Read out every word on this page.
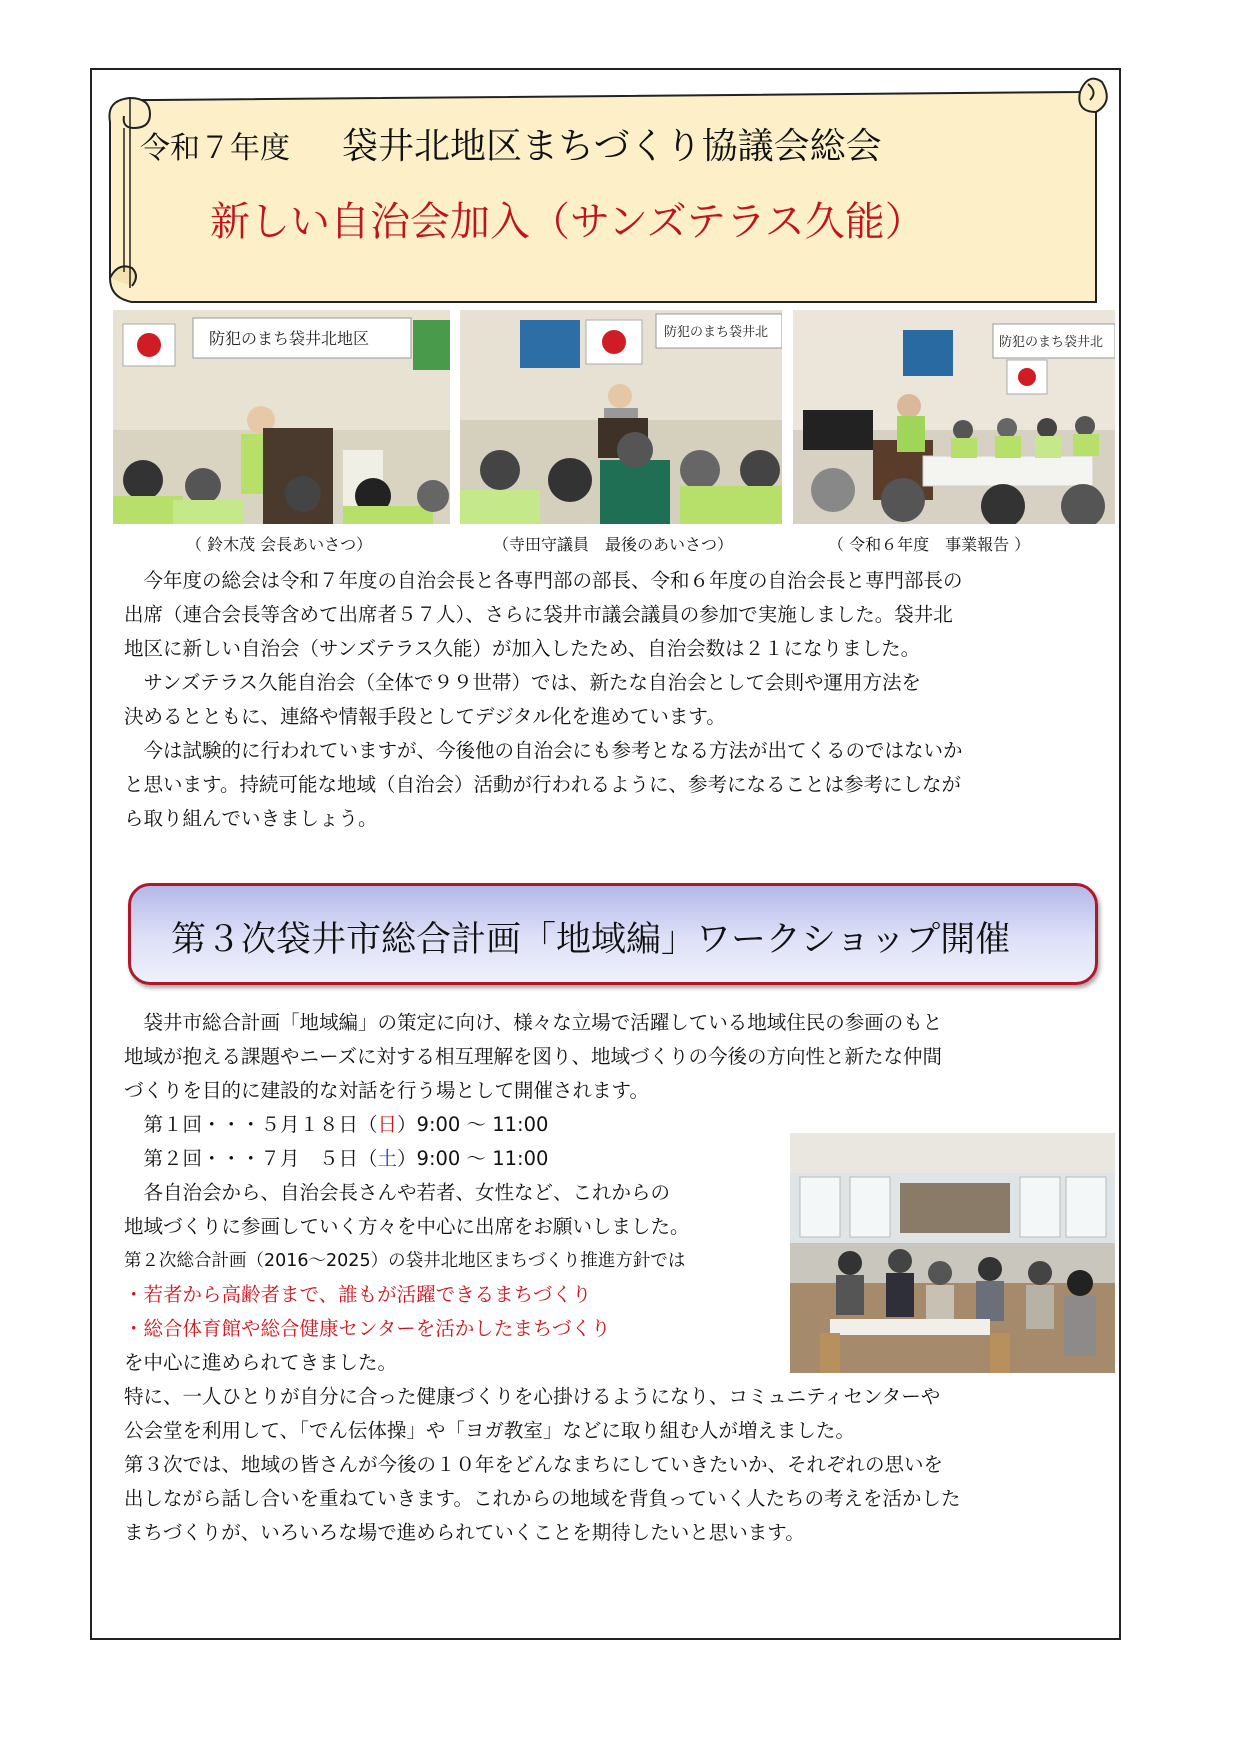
令和７年度 袋井北地区まちづくり協議会総会
新しい自治会加入（サンズテラス久能）
防犯のまち袋井北地区	防犯のまち袋井北
防犯のまち袋井北
（ 鈴木茂 会長あいさつ）	（寺田守議員　最後のあいさつ）	（ 令和６年度　事業報告 ）

　今年度の総会は令和７年度の自治会長と各専門部の部長、令和６年度の自治会長と専門部長の

出席（連合会長等含めて出席者５７人）、さらに袋井市議会議員の参加で実施しました。袋井北

地区に新しい自治会（サンズテラス久能）が加入したため、自治会数は２１になりました。

　サンズテラス久能自治会（全体で９９世帯）では、新たな自治会として会則や運用方法を

決めるとともに、連絡や情報手段としてデジタル化を進めています。

　今は試験的に行われていますが、今後他の自治会にも参考となる方法が出てくるのではないか

と思います。持続可能な地域（自治会）活動が行われるように、参考になることは参考にしなが

ら取り組んでいきましょう。

第３次袋井市総合計画「地域編」ワークショップ開催

　袋井市総合計画「地域編」の策定に向け、様々な立場で活躍している地域住民の参画のもと

地域が抱える課題やニーズに対する相互理解を図り、地域づくりの今後の方向性と新たな仲間

づくりを目的に建設的な対話を行う場として開催されます。

　第１回・・・５月１８日（日）9:00 ～ 11:00

　第２回・・・７月　５日（土）9:00 ～ 11:00

　各自治会から、自治会長さんや若者、女性など、これからの

地域づくりに参画していく方々を中心に出席をお願いしました。

第２次総合計画（2016～2025）の袋井北地区まちづくり推進方針では

・若者から高齢者まで、誰もが活躍できるまちづくり

・総合体育館や総合健康センターを活かしたまちづくり

を中心に進められてきました。

特に、一人ひとりが自分に合った健康づくりを心掛けるようになり、コミュニティセンターや

公会堂を利用して、「でん伝体操」や「ヨガ教室」などに取り組む人が増えました。

第３次では、地域の皆さんが今後の１０年をどんなまちにしていきたいか、それぞれの思いを

出しながら話し合いを重ねていきます。これからの地域を背負っていく人たちの考えを活かした

まちづくりが、いろいろな場で進められていくことを期待したいと思います。
